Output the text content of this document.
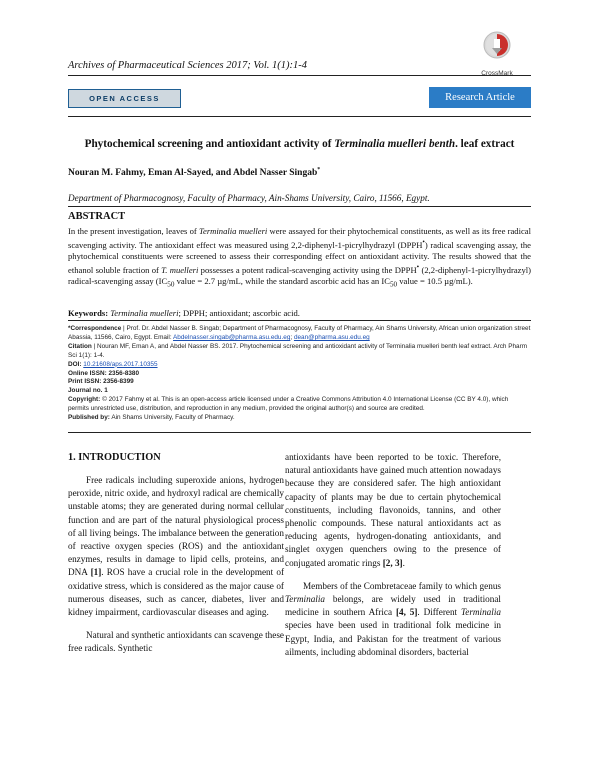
Archives of Pharmaceutical Sciences 2017; Vol. 1(1):1-4
CrossMark
OPEN ACCESS	Research Article
Phytochemical screening and antioxidant activity of Terminalia muelleri benth. leaf extract
Nouran M. Fahmy, Eman Al-Sayed, and Abdel Nasser Singab*
Department of Pharmacognosy, Faculty of Pharmacy, Ain-Shams University, Cairo, 11566, Egypt.
ABSTRACT
In the present investigation, leaves of Terminalia muelleri were assayed for their phytochemical constituents, as well as its free radical scavenging activity. The antioxidant effect was measured using 2,2-diphenyl-1-picrylhydrazyl (DPPH•) radical scavenging assay, the phytochemical constituents were screened to assess their corresponding effect on antioxidant activity. The results showed that the ethanol soluble fraction of T. muelleri possesses a potent radical-scavenging activity using the DPPH• (2,2-diphenyl-1-picrylhydrazyl) radical-scavenging assay ($IC_{50}$ value = 2.7 µg/mL, while the standard ascorbic acid has an $IC_{50}$ value = 10.5 µg/mL).
Keywords: Terminalia muelleri; DPPH; antioxidant; ascorbic acid.

*Correspondence | Prof. Dr. Abdel Nasser B. Singab; Department of Pharmacognosy, Faculty of Pharmacy, Ain Shams University, African union organization street Abassia, 11566, Cairo, Egypt. Email: Abdelnasser.singab@pharma.asu.edu.eg; dean@pharma.asu.edu.eg

Citation | Nouran MF, Eman A, and Abdel Nasser BS. 2017. Phytochemical screening and antioxidant activity of Terminalia muelleri benth leaf extract. Arch Pharm Sci 1(1): 1-4.

DOI: 10.21608/aps.2017.10355

Online ISSN: 2356-8380

Print ISSN: 2356-8399

Journal no. 1

Copyright: © 2017 Fahmy et al. This is an open-access article licensed under a Creative Commons Attribution 4.0 International License (CC BY 4.0), which permits unrestricted use, distribution, and reproduction in any medium, provided the original author(s) and source are credited.

Published by: Ain Shams University, Faculty of Pharmacy.

1. INTRODUCTION

Free radicals including superoxide anions, hydrogen peroxide, nitric oxide, and hydroxyl radical are chemically unstable atoms; they are generated during normal cellular function and are part of the natural physiological process of all living beings. The imbalance between the generation of reactive oxygen species (ROS) and the antioxidant enzymes, results in damage to lipid cells, proteins, and DNA [1]. ROS have a crucial role in the development of oxidative stress, which is considered as the major cause of numerous diseases, such as cancer, diabetes, liver and kidney impairment, cardiovascular diseases and aging.

Natural and synthetic antioxidants can scavenge these free radicals. Synthetic

antioxidants have been reported to be toxic. Therefore, natural antioxidants have gained much attention nowadays because they are considered safer. The high antioxidant capacity of plants may be due to certain phytochemical constituents, including flavonoids, tannins, and other phenolic compounds. These natural antioxidants act as reducing agents, hydrogen-donating antioxidants, and singlet oxygen quenchers owing to the presence of conjugated aromatic rings [2, 3].

Members of the Combretaceae family to which genus Terminalia belongs, are widely used in traditional medicine in southern Africa [4, 5]. Different Terminalia species have been used in traditional folk medicine in Egypt, India, and Pakistan for the treatment of various ailments, including abdominal disorders, bacterial
